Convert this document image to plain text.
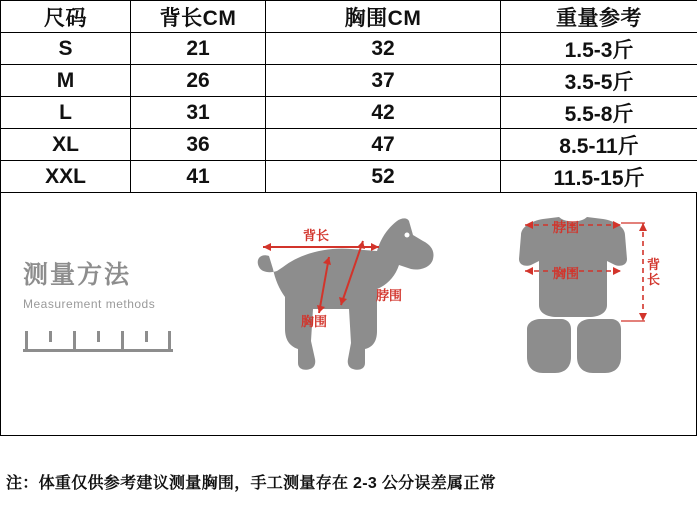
尺码	背长CM	胸围CM	重量参考
S	21	32	1.5-3斤
M	26	37	3.5-5斤
L	31	42	5.5-8斤
XL	36	47	8.5-11斤
XXL	41	52	11.5-15斤
测量方法
Measurement methods
背长
脖围
胸围
脖围
胸围
背长
注：体重仅供参考建议测量胸围，手工测量存在 2-3 公分误差属正常
